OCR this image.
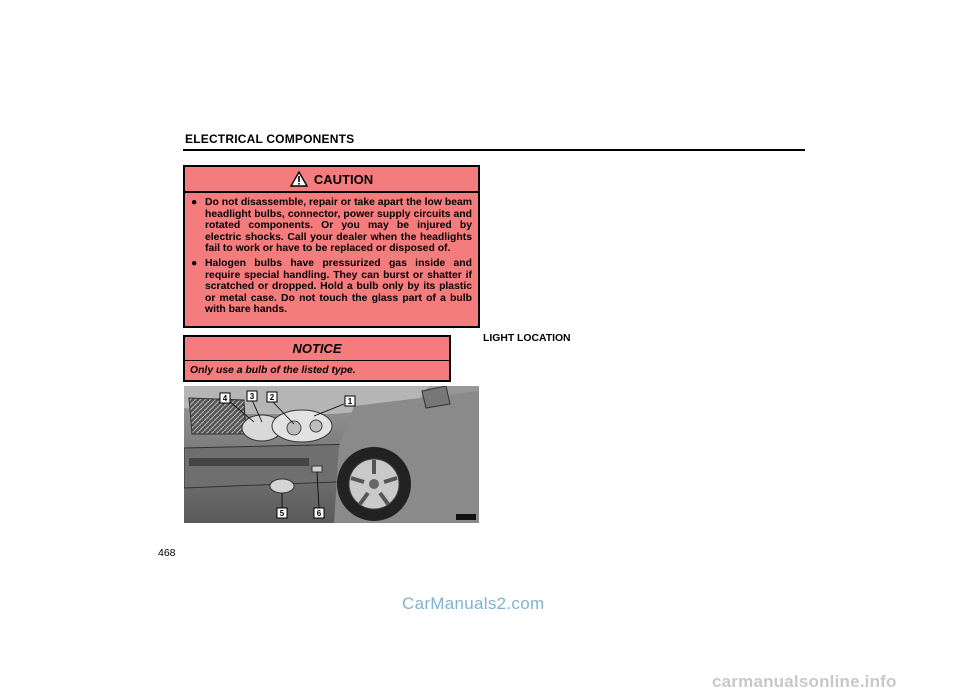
ELECTRICAL COMPONENTS
CAUTION
● Do not disassemble, repair or take apart the low beam headlight bulbs, connector, power supply circuits and rotated components. Or you may be injured by electric shocks. Call your dealer when the headlights fail to work or have to be replaced or disposed of.
● Halogen bulbs have pressurized gas inside and require special handling. They can burst or shatter if scratched or dropped. Hold a bulb only by its plastic or metal case. Do not touch the glass part of a bulb with bare hands.
NOTICE
Only use a bulb of the listed type.
1
2
3
4
5	6
LIGHT LOCATION
468
CarManuals2.com
carmanualsonline.info
